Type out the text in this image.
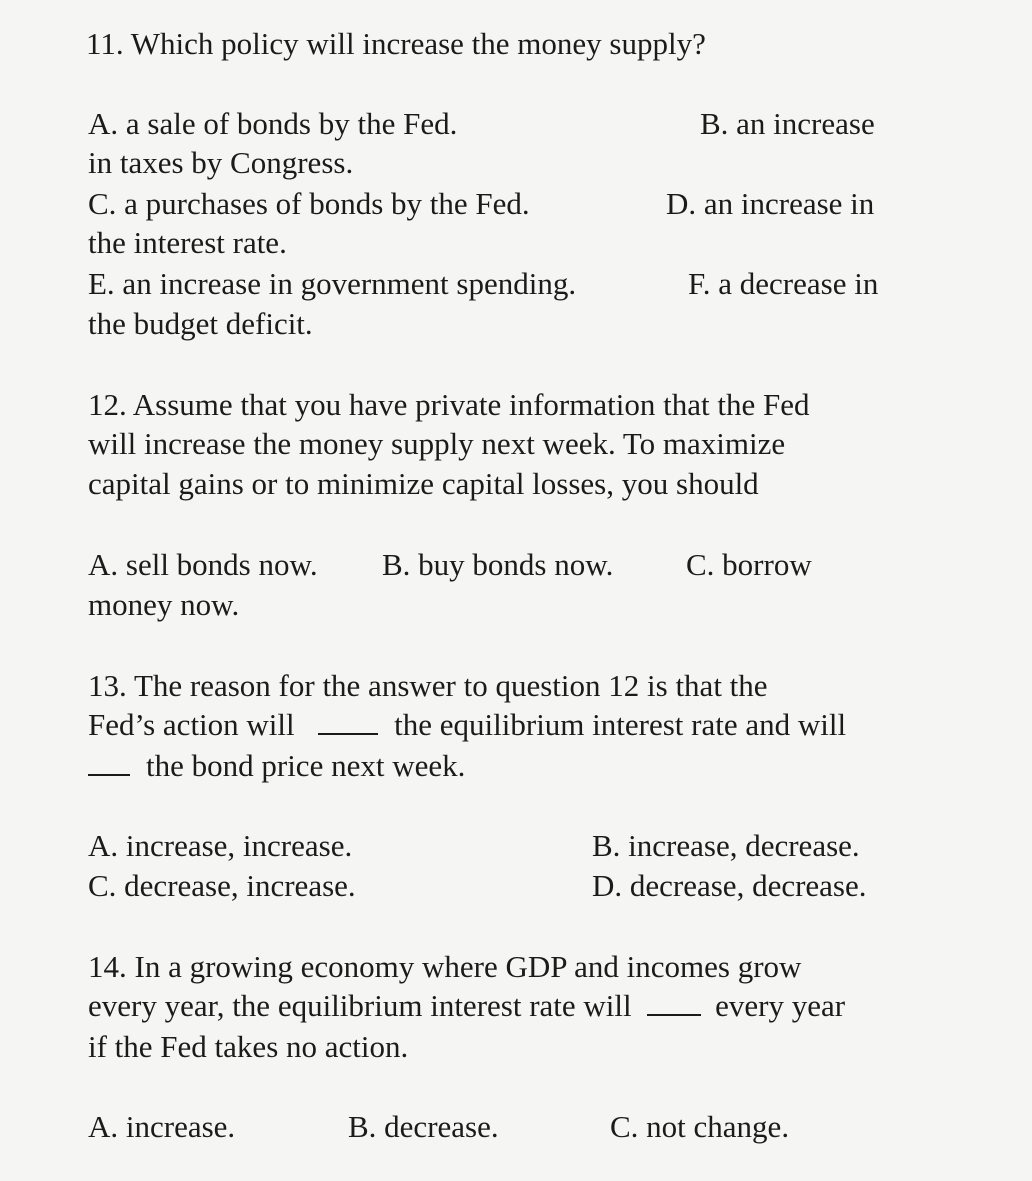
11. Which policy will increase the money supply?
A. a sale of bonds by the Fed.	B. an increase
in taxes by Congress.
C. a purchases of bonds by the Fed.	D. an increase in
the interest rate.
E. an increase in government spending.	F. a decrease in
the budget deficit.
12. Assume that you have private information that the Fed
will increase the money supply next week. To maximize
capital gains or to minimize capital losses, you should
A. sell bonds now. B. buy bonds now. C. borrow
money now.
13. The reason for the answer to question 12 is that the
Fed’s action will	the equilibrium interest rate and will
the bond price next week.
A. increase, increase.	B. increase, decrease.
C. decrease, increase.	D. decrease, decrease.
14. In a growing economy where GDP and incomes grow
every year, the equilibrium interest rate will	every year
if the Fed takes no action.
A. increase.	B. decrease.	C. not change.
